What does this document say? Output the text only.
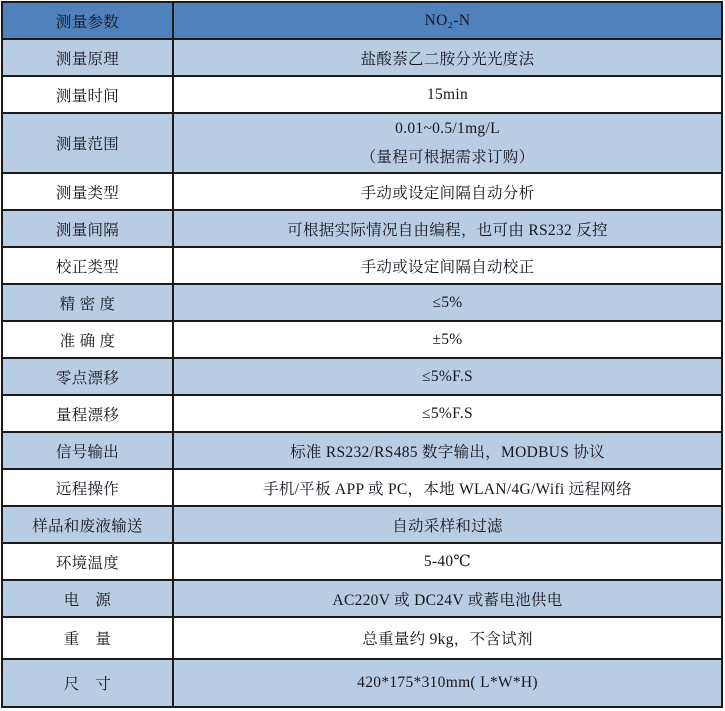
测量参数	NO₂-N

测量原理	盐酸萘乙二胺分光光度法

测量时间	15min

测量范围	0.01~0.5/1mg/L
（量程可根据需求订购）

测量类型	手动或设定间隔自动分析

测量间隔	可根据实际情况自由编程，也可由 RS232 反控

校正类型	手动或设定间隔自动校正

精 密 度	≤5%

准 确 度	±5%

零点漂移	≤5%F.S

量程漂移	≤5%F.S

信号输出	标准 RS232/RS485 数字输出，MODBUS 协议

远程操作	手机/平板 APP 或 PC，本地 WLAN/4G/Wifi 远程网络

样品和废液输送	自动采样和过滤

环境温度	5-40℃

电　源	AC220V 或 DC24V 或蓄电池供电

重　量	总重量约 9kg，不含试剂

尺　寸	420*175*310mm( L*W*H)
